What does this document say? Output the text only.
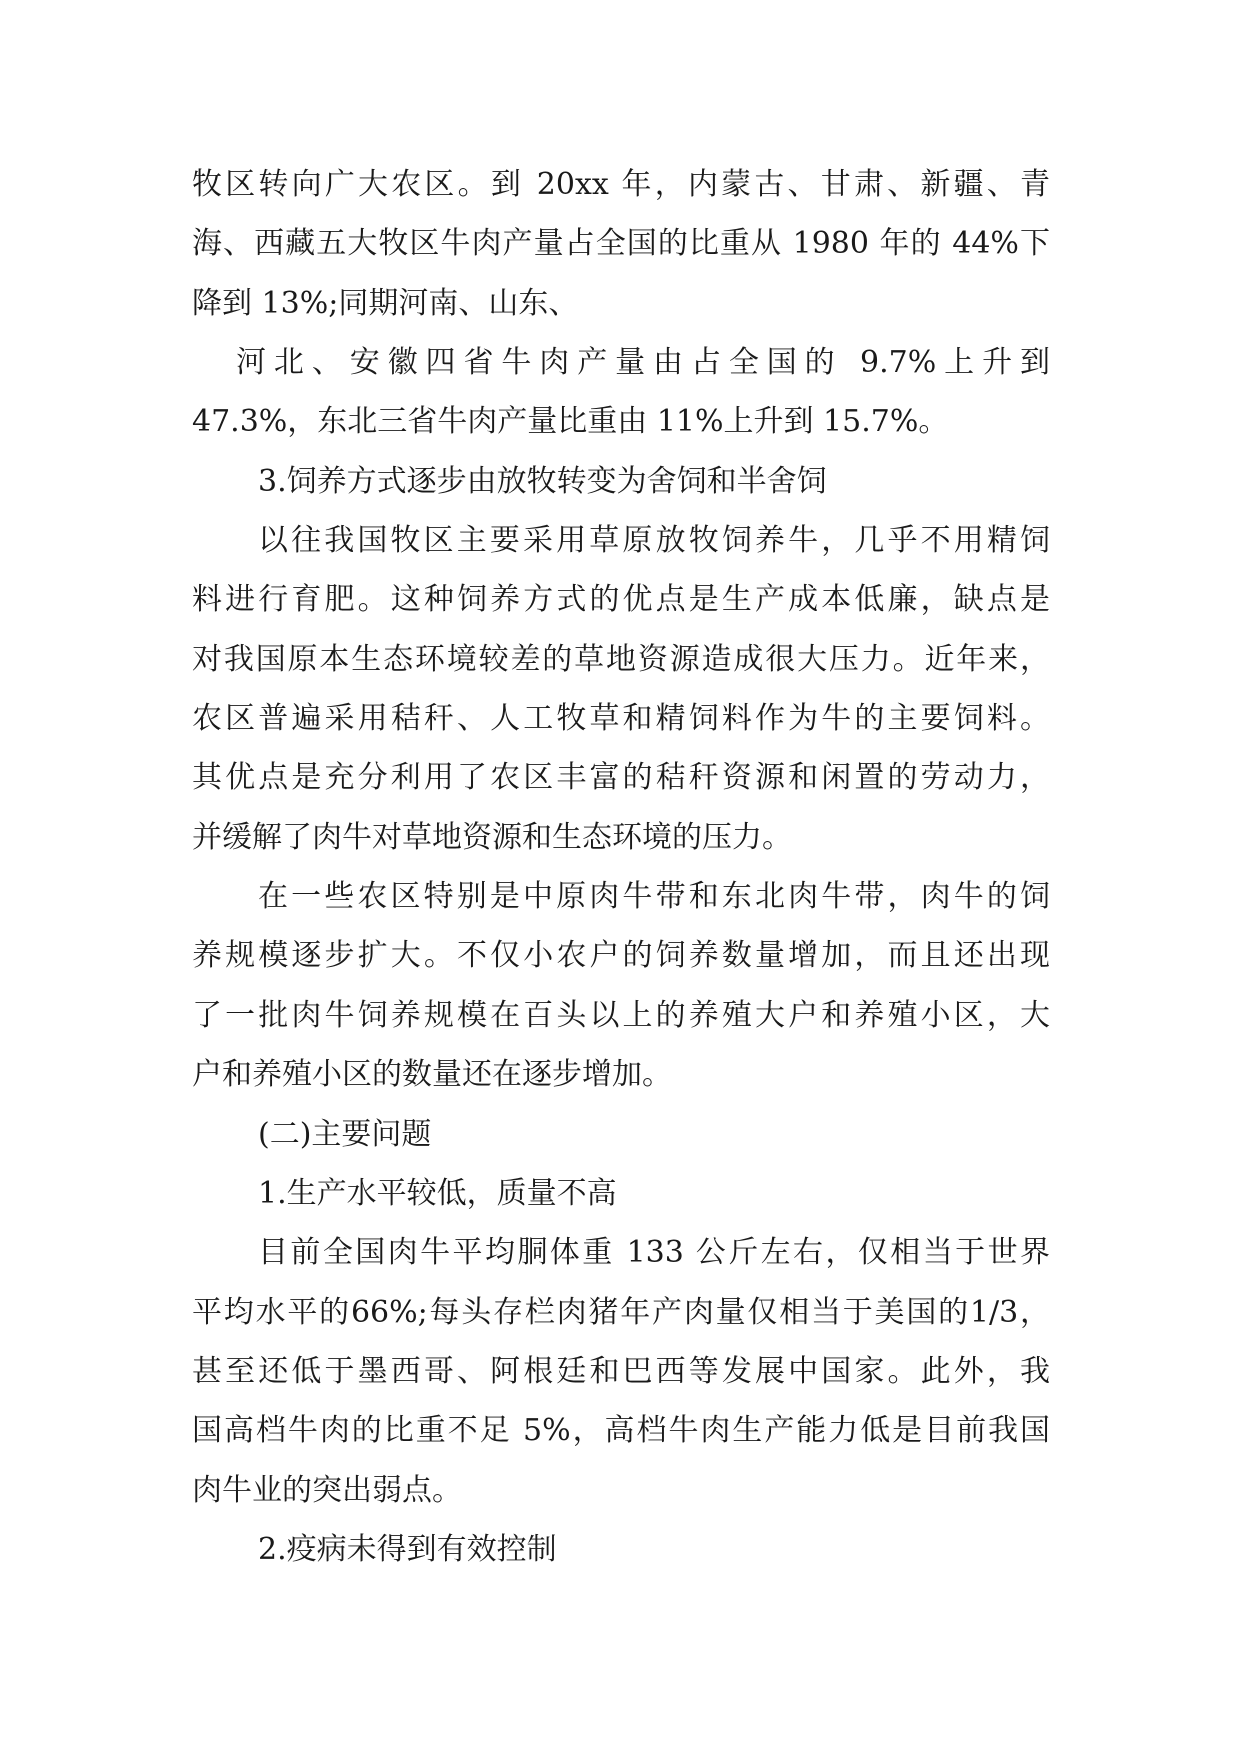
牧区转向广大农区。到 20xx 年，内蒙古、甘肃、新疆、青
海、西藏五大牧区牛肉产量占全国的比重从 1980 年的 44%下
降到 13%;同期河南、山东、
河北、安徽四省牛肉产量由占全国的 9.7%上升到
47.3%，东北三省牛肉产量比重由 11%上升到 15.7%。
3.饲养方式逐步由放牧转变为舍饲和半舍饲
以往我国牧区主要采用草原放牧饲养牛，几乎不用精饲
料进行育肥。这种饲养方式的优点是生产成本低廉，缺点是
对我国原本生态环境较差的草地资源造成很大压力。近年来，
农区普遍采用秸秆、人工牧草和精饲料作为牛的主要饲料。
其优点是充分利用了农区丰富的秸秆资源和闲置的劳动力，
并缓解了肉牛对草地资源和生态环境的压力。
在一些农区特别是中原肉牛带和东北肉牛带，肉牛的饲
养规模逐步扩大。不仅小农户的饲养数量增加，而且还出现
了一批肉牛饲养规模在百头以上的养殖大户和养殖小区，大
户和养殖小区的数量还在逐步增加。
(二)主要问题
1.生产水平较低，质量不高
目前全国肉牛平均胴体重 133 公斤左右，仅相当于世界
平均水平的66%;每头存栏肉猪年产肉量仅相当于美国的1/3，
甚至还低于墨西哥、阿根廷和巴西等发展中国家。此外，我
国高档牛肉的比重不足 5%，高档牛肉生产能力低是目前我国
肉牛业的突出弱点。
2.疫病未得到有效控制
